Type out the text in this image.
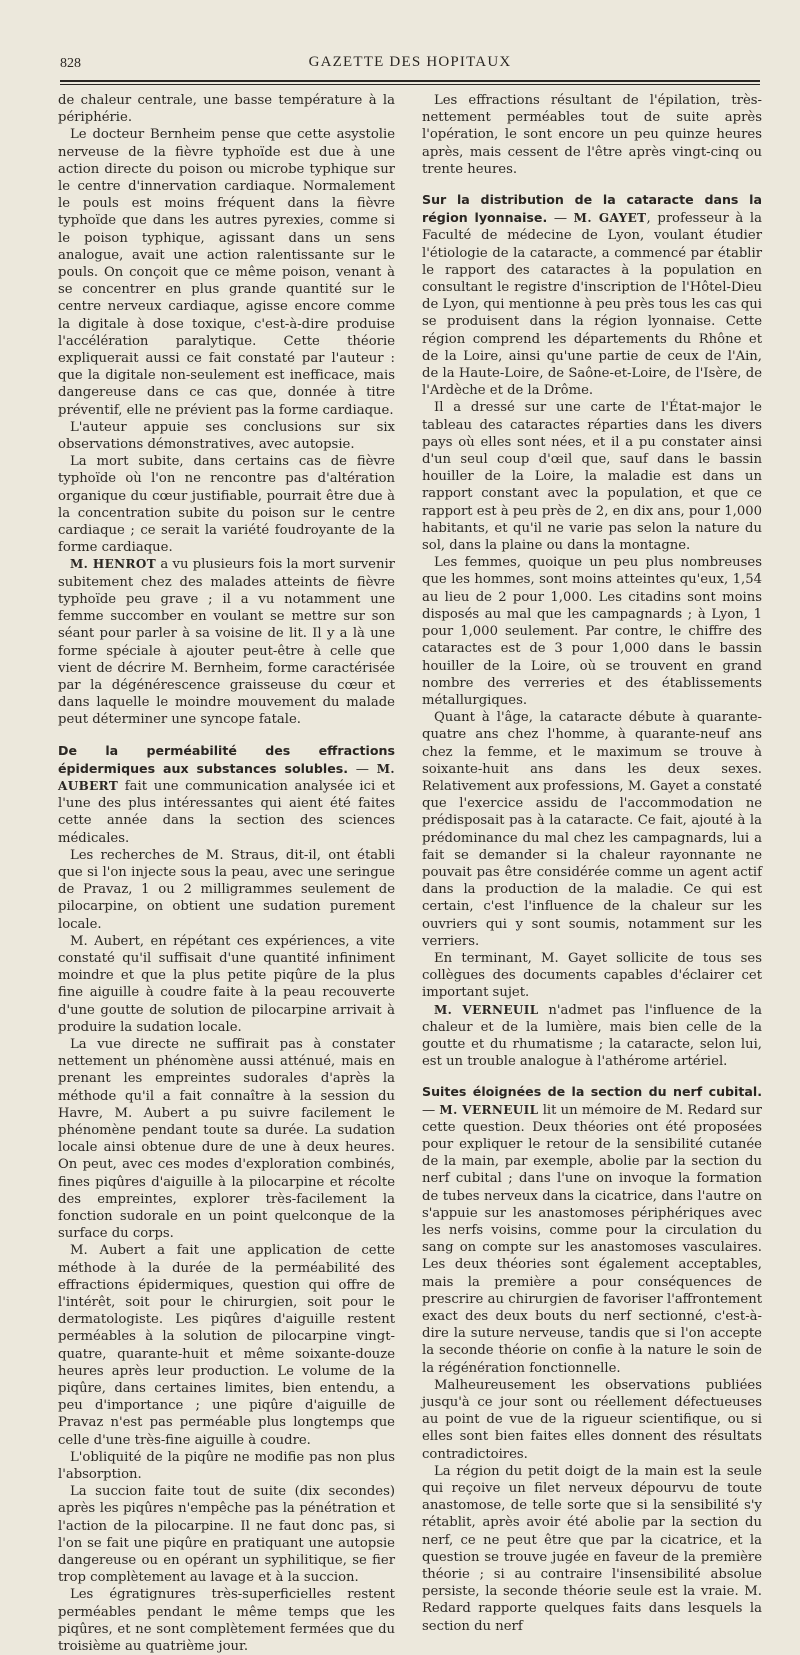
828	GAZETTE DES HOPITAUX

de chaleur centrale, une basse température à la périphérie.

Le docteur Bernheim pense que cette asystolie nerveuse de la fièvre typhoïde est due à une action directe du poison ou microbe typhique sur le centre d'innervation cardiaque. Normalement le pouls est moins fréquent dans la fièvre typhoïde que dans les autres pyrexies, comme si le poison typhique, agissant dans un sens analogue, avait une action ralentissante sur le pouls. On conçoit que ce même poison, venant à se concentrer en plus grande quantité sur le centre nerveux cardiaque, agisse encore comme la digitale à dose toxique, c'est-à-dire produise l'accélération paralytique. Cette théorie expliquerait aussi ce fait constaté par l'auteur : que la digitale non-seulement est inefficace, mais dangereuse dans ce cas que, donnée à titre préventif, elle ne prévient pas la forme cardiaque.

L'auteur appuie ses conclusions sur six observations démonstratives, avec autopsie.

La mort subite, dans certains cas de fièvre typhoïde où l'on ne rencontre pas d'altération organique du cœur justifiable, pourrait être due à la concentration subite du poison sur le centre cardiaque ; ce serait la variété foudroyante de la forme cardiaque.

M. HENROT a vu plusieurs fois la mort survenir subitement chez des malades atteints de fièvre typhoïde peu grave ; il a vu notamment une femme succomber en voulant se mettre sur son séant pour parler à sa voisine de lit. Il y a là une forme spéciale à ajouter peut-être à celle que vient de décrire M. Bernheim, forme caractérisée par la dégénérescence graisseuse du cœur et dans laquelle le moindre mouvement du malade peut déterminer une syncope fatale.

De la perméabilité des effractions épidermiques aux substances solubles. — M. AUBERT fait une communication analysée ici et l'une des plus intéressantes qui aient été faites cette année dans la section des sciences médicales.

Les recherches de M. Straus, dit-il, ont établi que si l'on injecte sous la peau, avec une seringue de Pravaz, 1 ou 2 milligrammes seulement de pilocarpine, on obtient une sudation purement locale.

M. Aubert, en répétant ces expériences, a vite constaté qu'il suffisait d'une quantité infiniment moindre et que la plus petite piqûre de la plus fine aiguille à coudre faite à la peau recouverte d'une goutte de solution de pilocarpine arrivait à produire la sudation locale.

La vue directe ne suffirait pas à constater nettement un phénomène aussi atténué, mais en prenant les empreintes sudorales d'après la méthode qu'il a fait connaître à la session du Havre, M. Aubert a pu suivre facilement le phénomène pendant toute sa durée. La sudation locale ainsi obtenue dure de une à deux heures. On peut, avec ces modes d'exploration combinés, fines piqûres d'aiguille à la pilocarpine et récolte des empreintes, explorer très-facilement la fonction sudorale en un point quelconque de la surface du corps.

M. Aubert a fait une application de cette méthode à la durée de la perméabilité des effractions épidermiques, question qui offre de l'intérêt, soit pour le chirurgien, soit pour le dermatologiste. Les piqûres d'aiguille restent perméables à la solution de pilocarpine vingt-quatre, quarante-huit et même soixante-douze heures après leur production. Le volume de la piqûre, dans certaines limites, bien entendu, a peu d'importance ; une piqûre d'aiguille de Pravaz n'est pas perméable plus longtemps que celle d'une très-fine aiguille à coudre.

L'obliquité de la piqûre ne modifie pas non plus l'absorption.

La succion faite tout de suite (dix secondes) après les piqûres n'empêche pas la pénétration et l'action de la pilocarpine. Il ne faut donc pas, si l'on se fait une piqûre en pratiquant une autopsie dangereuse ou en opérant un syphilitique, se fier trop complètement au lavage et à la succion.

Les égratignures très-superficielles restent perméables pendant le même temps que les piqûres, et ne sont complètement fermées que du troisième au quatrième jour.

Les effractions résultant de l'épilation, très-nettement perméables tout de suite après l'opération, le sont encore un peu quinze heures après, mais cessent de l'être après vingt-cinq ou trente heures.

Sur la distribution de la cataracte dans la région lyonnaise. — M. GAYET, professeur à la Faculté de médecine de Lyon, voulant étudier l'étiologie de la cataracte, a commencé par établir le rapport des cataractes à la population en consultant le registre d'inscription de l'Hôtel-Dieu de Lyon, qui mentionne à peu près tous les cas qui se produisent dans la région lyonnaise. Cette région comprend les départements du Rhône et de la Loire, ainsi qu'une partie de ceux de l'Ain, de la Haute-Loire, de Saône-et-Loire, de l'Isère, de l'Ardèche et de la Drôme.

Il a dressé sur une carte de l'État-major le tableau des cataractes réparties dans les divers pays où elles sont nées, et il a pu constater ainsi d'un seul coup d'œil que, sauf dans le bassin houiller de la Loire, la maladie est dans un rapport constant avec la population, et que ce rapport est à peu près de 2, en dix ans, pour 1,000 habitants, et qu'il ne varie pas selon la nature du sol, dans la plaine ou dans la montagne.

Les femmes, quoique un peu plus nombreuses que les hommes, sont moins atteintes qu'eux, 1,54 au lieu de 2 pour 1,000. Les citadins sont moins disposés au mal que les campagnards ; à Lyon, 1 pour 1,000 seulement. Par contre, le chiffre des cataractes est de 3 pour 1,000 dans le bassin houiller de la Loire, où se trouvent en grand nombre des verreries et des établissements métallurgiques.

Quant à l'âge, la cataracte débute à quarante-quatre ans chez l'homme, à quarante-neuf ans chez la femme, et le maximum se trouve à soixante-huit ans dans les deux sexes. Relativement aux professions, M. Gayet a constaté que l'exercice assidu de l'accommodation ne prédisposait pas à la cataracte. Ce fait, ajouté à la prédominance du mal chez les campagnards, lui a fait se demander si la chaleur rayonnante ne pouvait pas être considérée comme un agent actif dans la production de la maladie. Ce qui est certain, c'est l'influence de la chaleur sur les ouvriers qui y sont soumis, notamment sur les verriers.

En terminant, M. Gayet sollicite de tous ses collègues des documents capables d'éclairer cet important sujet.

M. VERNEUIL n'admet pas l'influence de la chaleur et de la lumière, mais bien celle de la goutte et du rhumatisme ; la cataracte, selon lui, est un trouble analogue à l'athérome artériel.

Suites éloignées de la section du nerf cubital. — M. VERNEUIL lit un mémoire de M. Redard sur cette question. Deux théories ont été proposées pour expliquer le retour de la sensibilité cutanée de la main, par exemple, abolie par la section du nerf cubital ; dans l'une on invoque la formation de tubes nerveux dans la cicatrice, dans l'autre on s'appuie sur les anastomoses périphériques avec les nerfs voisins, comme pour la circulation du sang on compte sur les anastomoses vasculaires. Les deux théories sont également acceptables, mais la première a pour conséquences de prescrire au chirurgien de favoriser l'affrontement exact des deux bouts du nerf sectionné, c'est-à-dire la suture nerveuse, tandis que si l'on accepte la seconde théorie on confie à la nature le soin de la régénération fonctionnelle.

Malheureusement les observations publiées jusqu'à ce jour sont ou réellement défectueuses au point de vue de la rigueur scientifique, ou si elles sont bien faites elles donnent des résultats contradictoires.

La région du petit doigt de la main est la seule qui reçoive un filet nerveux dépourvu de toute anastomose, de telle sorte que si la sensibilité s'y rétablit, après avoir été abolie par la section du nerf, ce ne peut être que par la cicatrice, et la question se trouve jugée en faveur de la première théorie ; si au contraire l'insensibilité absolue persiste, la seconde théorie seule est la vraie. M. Redard rapporte quelques faits dans lesquels la section du nerf
